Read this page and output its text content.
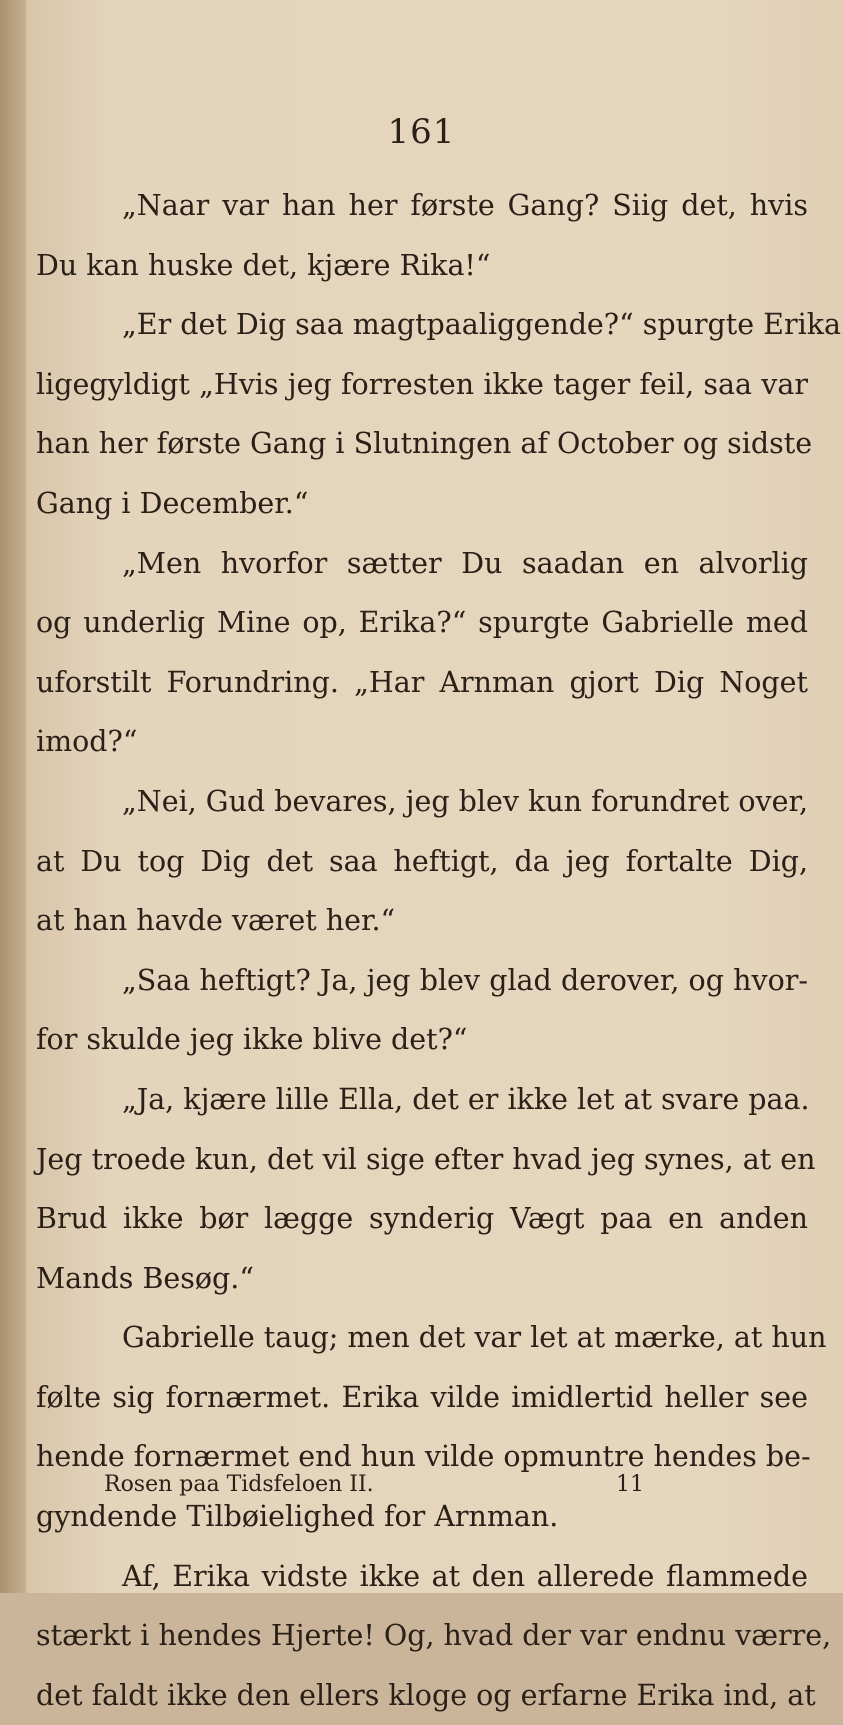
161
„Naar var han her første Gang? Siig det, hvis
Du kan huske det, kjære Rika!“
„Er det Dig saa magtpaaliggende?“ spurgte Erika
ligegyldigt „Hvis jeg forresten ikke tager feil, saa var
han her første Gang i Slutningen af October og sidste
Gang i December.“
„Men hvorfor sætter Du saadan en alvorlig
og underlig Mine op, Erika?“ spurgte Gabrielle med
uforstilt Forundring. „Har Arnman gjort Dig Noget
imod?“
„Nei, Gud bevares, jeg blev kun forundret over,
at Du tog Dig det saa heftigt, da jeg fortalte Dig,
at han havde været her.“
„Saa heftigt? Ja, jeg blev glad derover, og hvor-
for skulde jeg ikke blive det?“
„Ja, kjære lille Ella, det er ikke let at svare paa.
Jeg troede kun, det vil sige efter hvad jeg synes, at en
Brud ikke bør lægge synderig Vægt paa en anden
Mands Besøg.“
Gabrielle taug; men det var let at mærke, at hun
følte sig fornærmet. Erika vilde imidlertid heller see
hende fornærmet end hun vilde opmuntre hendes be-
gyndende Tilbøielighed for Arnman.
Af, Erika vidste ikke at den allerede flammede
stærkt i hendes Hjerte! Og, hvad der var endnu værre,
det faldt ikke den ellers kloge og erfarne Erika ind, at
Rosen paa Tidsfeloen II.	11
